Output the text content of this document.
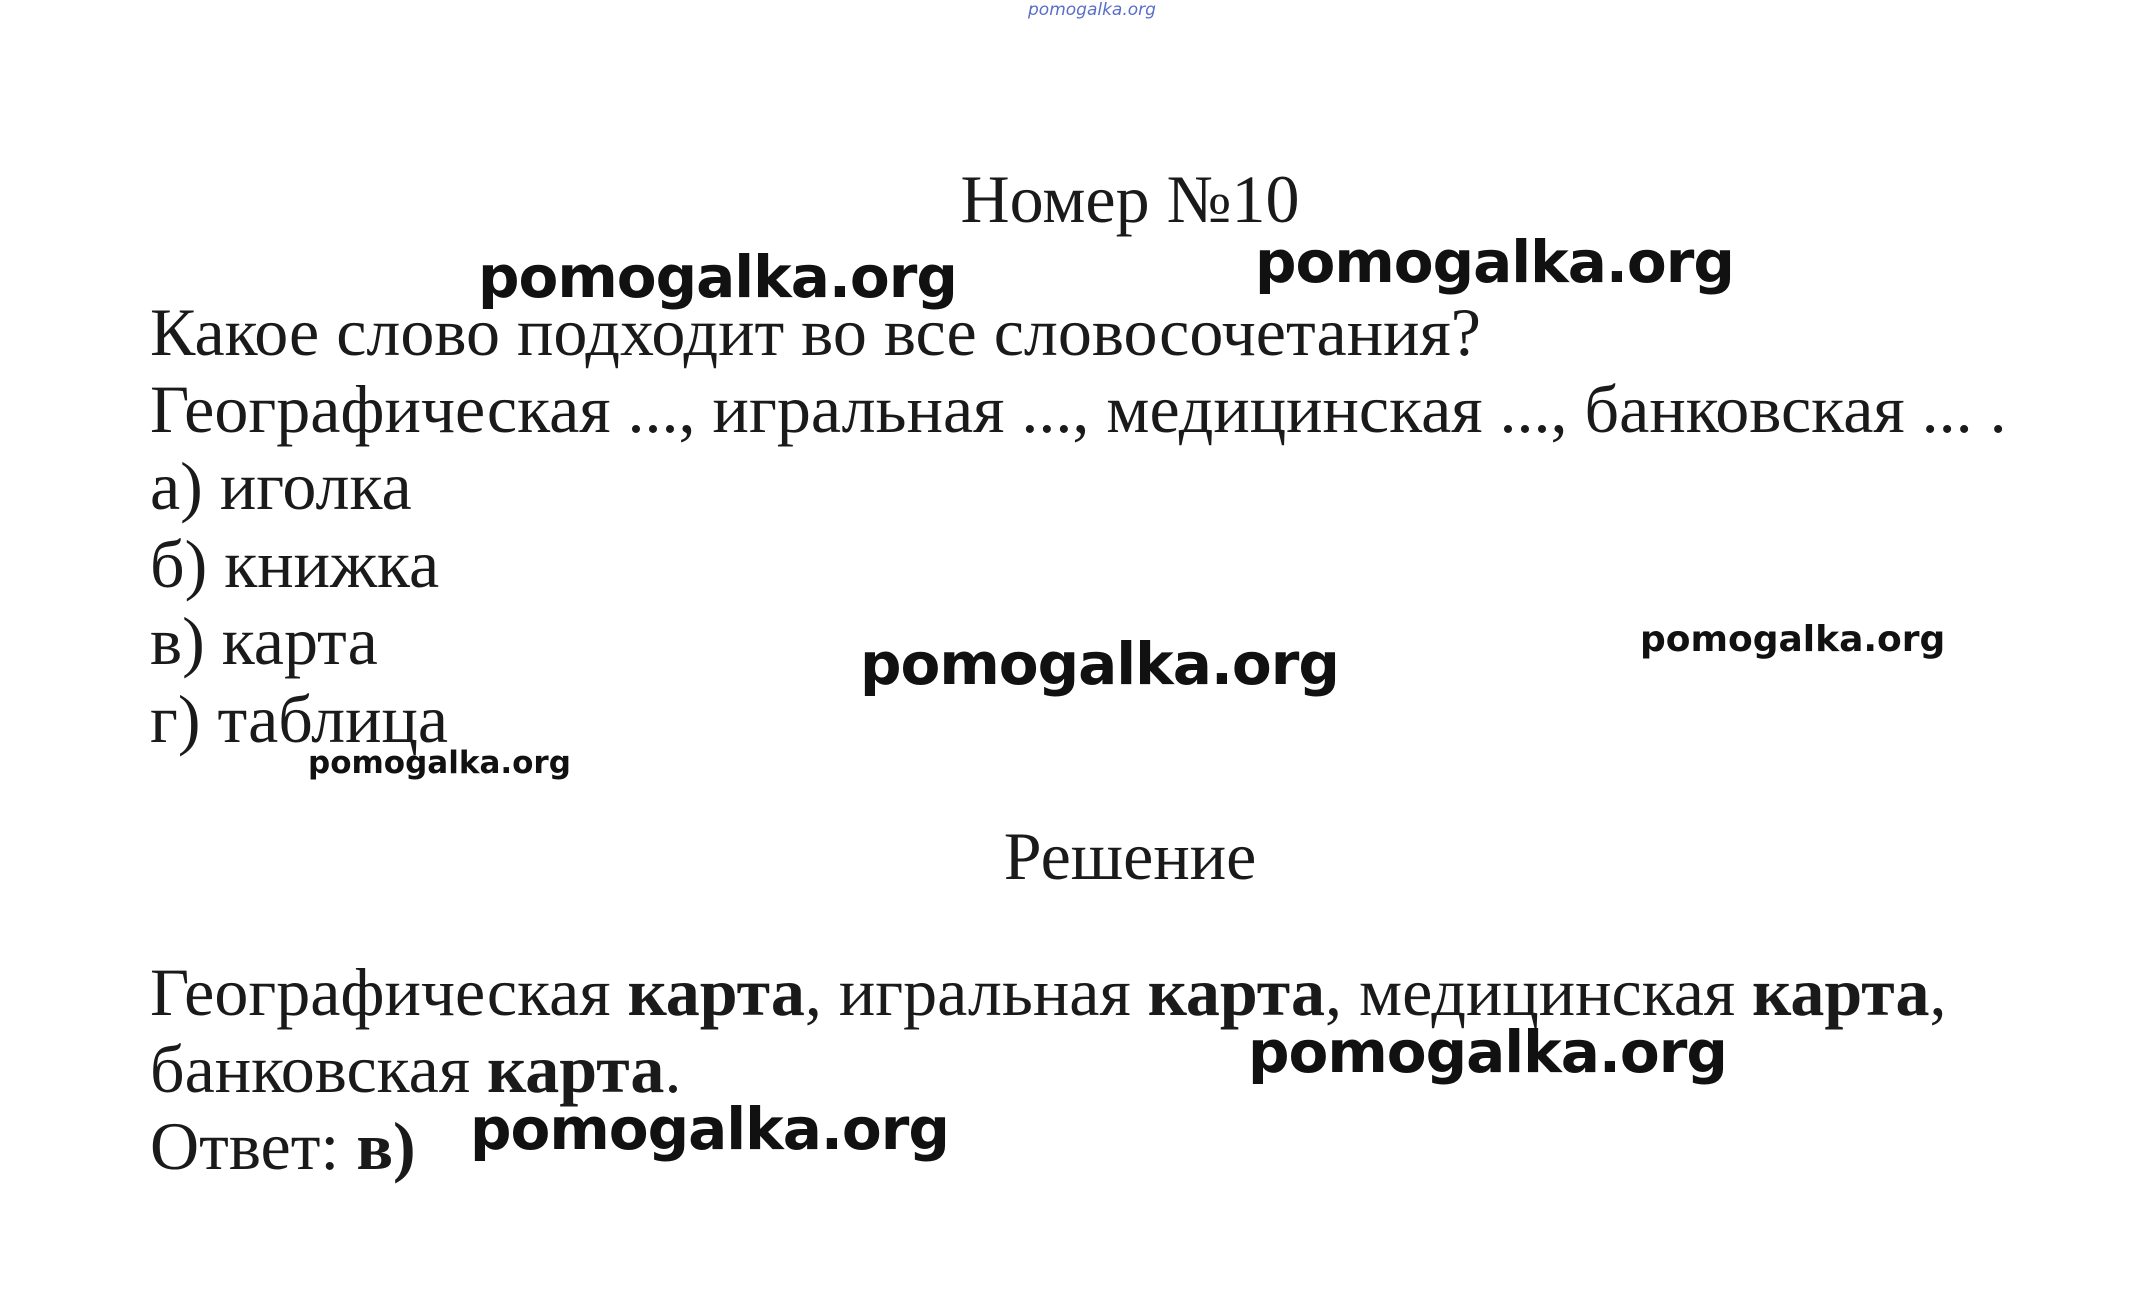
pomogalka.org
Номер №10
Какое слово подходит во все словосочетания?
Географическая ..., игральная ..., медицинская ..., банковская ... .
а) иголка
б) книжка
в) карта
г) таблица
Решение
Географическая карта, игральная карта, медицинская карта,
банковская карта.
Ответ: в)
pomogalka.org	pomogalka.org
pomogalka.org	pomogalka.org
pomogalka.org
pomogalka.org
pomogalka.org
